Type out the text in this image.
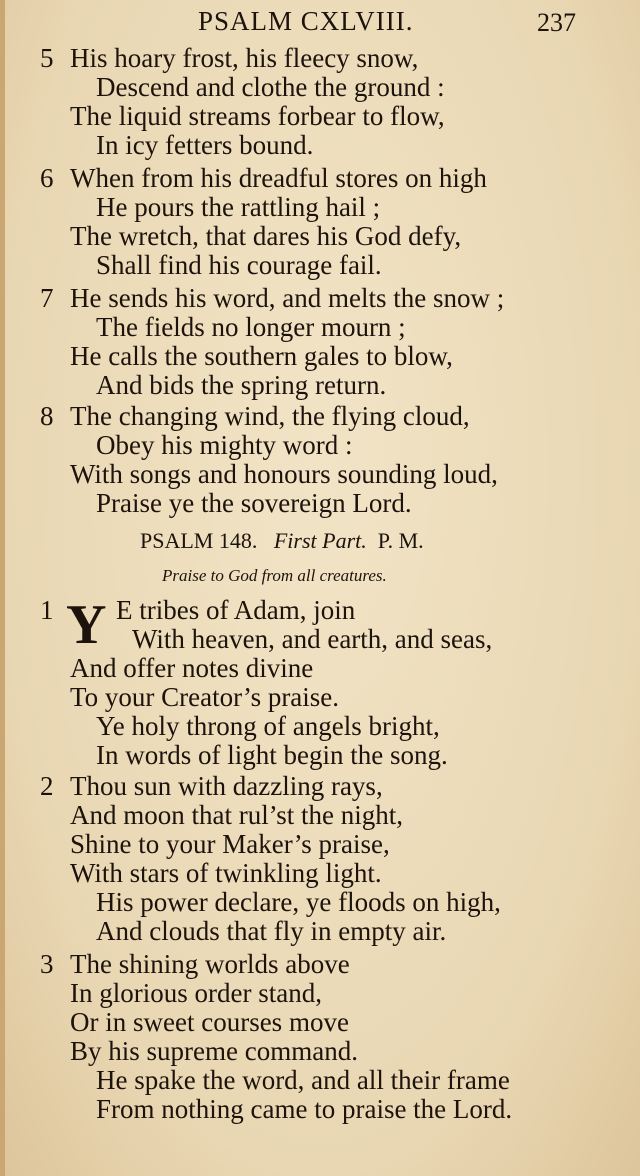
PSALM CXLVIII.	237
5 His hoary frost, his fleecy snow,
Descend and clothe the ground :
The liquid streams forbear to flow,
In icy fetters bound.
6 When from his dreadful stores on high
He pours the rattling hail ;
The wretch, that dares his God defy,
Shall find his courage fail.
7 He sends his word, and melts the snow ;
The fields no longer mourn ;
He calls the southern gales to blow,
And bids the spring return.
8 The changing wind, the flying cloud,
Obey his mighty word :
With songs and honours sounding loud,
Praise ye the sovereign Lord.
PSALM 148. First Part. P. M.
Praise to God from all creatures.
Y
1	E tribes of Adam, join
With heaven, and earth, and seas,
And offer notes divine
To your Creator’s praise.
Ye holy throng of angels bright,
In words of light begin the song.
2 Thou sun with dazzling rays,
And moon that rul’st the night,
Shine to your Maker’s praise,
With stars of twinkling light.
His power declare, ye floods on high,
And clouds that fly in empty air.
3 The shining worlds above
In glorious order stand,
Or in sweet courses move
By his supreme command.
He spake the word, and all their frame
From nothing came to praise the Lord.
